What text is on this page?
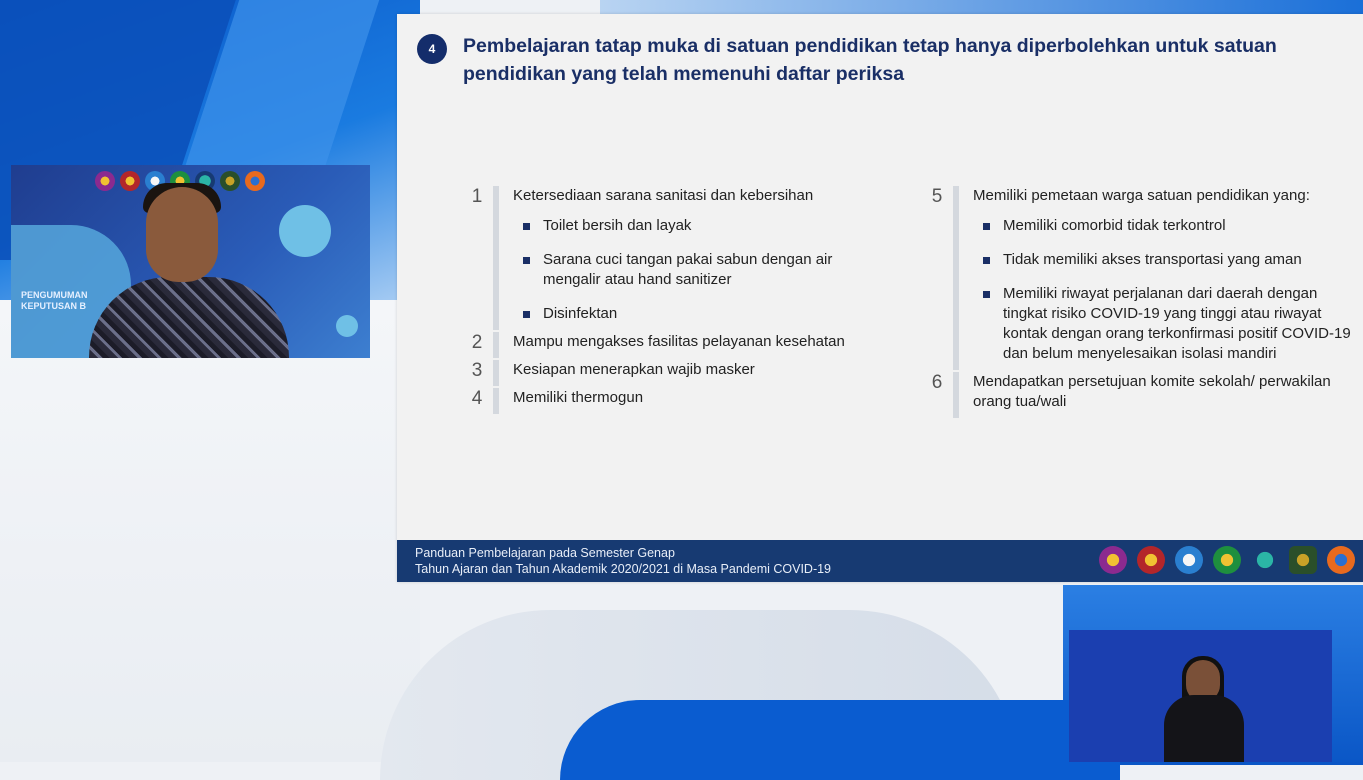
4	Pembelajaran tatap muka di satuan pendidikan tetap hanya diperbolehkan untuk satuan pendidikan yang telah memenuhi daftar periksa
1	Ketersediaan sarana sanitasi dan kebersihan
Toilet bersih dan layak
Sarana cuci tangan pakai sabun dengan air mengalir atau hand sanitizer
Disinfektan
2	Mampu mengakses fasilitas pelayanan kesehatan
3	Kesiapan menerapkan wajib masker
4	Memiliki thermogun
5	Memiliki pemetaan warga satuan pendidikan yang:
Memiliki comorbid tidak terkontrol
Tidak memiliki akses transportasi yang aman
Memiliki riwayat perjalanan dari daerah dengan tingkat risiko COVID-19 yang tinggi atau riwayat kontak dengan orang terkonfirmasi positif COVID-19 dan belum menyelesaikan isolasi mandiri
6	Mendapatkan persetujuan komite sekolah/ perwakilan orang tua/wali
Panduan Pembelajaran pada Semester Genap
Tahun Ajaran dan Tahun Akademik 2020/2021 di Masa Pandemi COVID-19
PENGUMUMAN
KEPUTUSAN B
